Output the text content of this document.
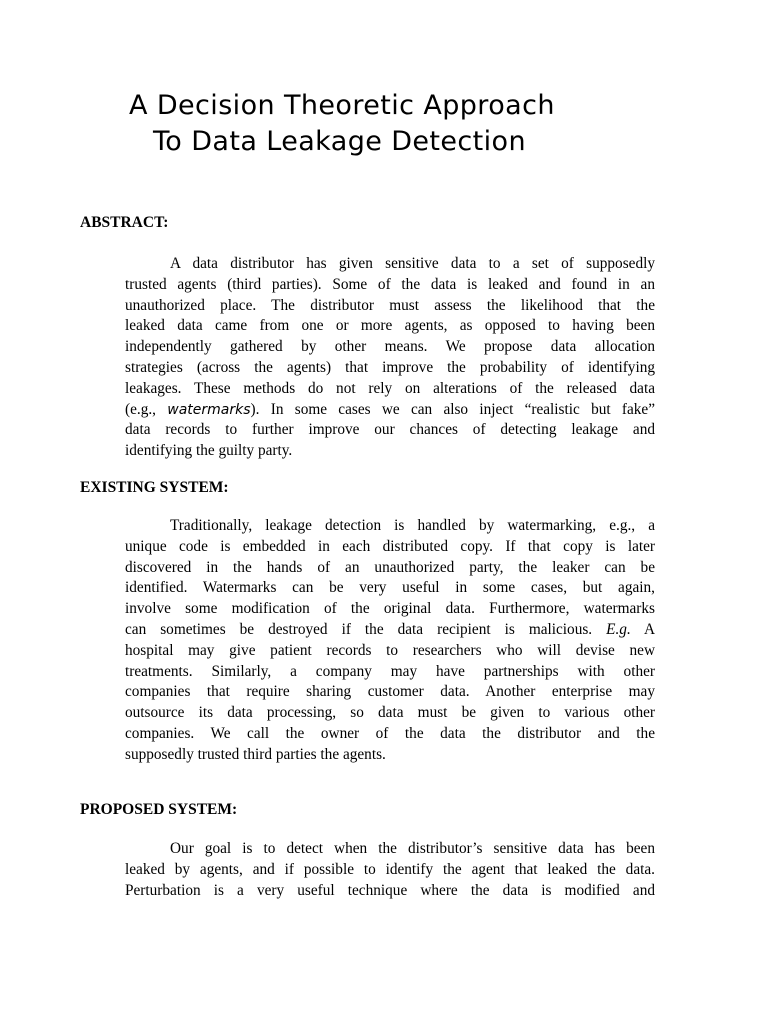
A Decision Theoretic Approach
To Data Leakage Detection
ABSTRACT:
A data distributor has given sensitive data to a set of supposedly
trusted agents (third parties). Some of the data is leaked and found in an
unauthorized place. The distributor must assess the likelihood that the
leaked data came from one or more agents, as opposed to having been
independently gathered by other means. We propose data allocation
strategies (across the agents) that improve the probability of identifying
leakages. These methods do not rely on alterations of the released data
(e.g., watermarks). In some cases we can also inject “realistic but fake”
data records to further improve our chances of detecting leakage and
identifying the guilty party.
EXISTING SYSTEM:
Traditionally, leakage detection is handled by watermarking, e.g., a
unique code is embedded in each distributed copy. If that copy is later
discovered in the hands of an unauthorized party, the leaker can be
identified. Watermarks can be very useful in some cases, but again,
involve some modification of the original data. Furthermore, watermarks
can sometimes be destroyed if the data recipient is malicious. E.g. A
hospital may give patient records to researchers who will devise new
treatments. Similarly, a company may have partnerships with other
companies that require sharing customer data. Another enterprise may
outsource its data processing, so data must be given to various other
companies. We call the owner of the data the distributor and the
supposedly trusted third parties the agents.
PROPOSED SYSTEM:
Our goal is to detect when the distributor’s sensitive data has been
leaked by agents, and if possible to identify the agent that leaked the data.
Perturbation is a very useful technique where the data is modified and
